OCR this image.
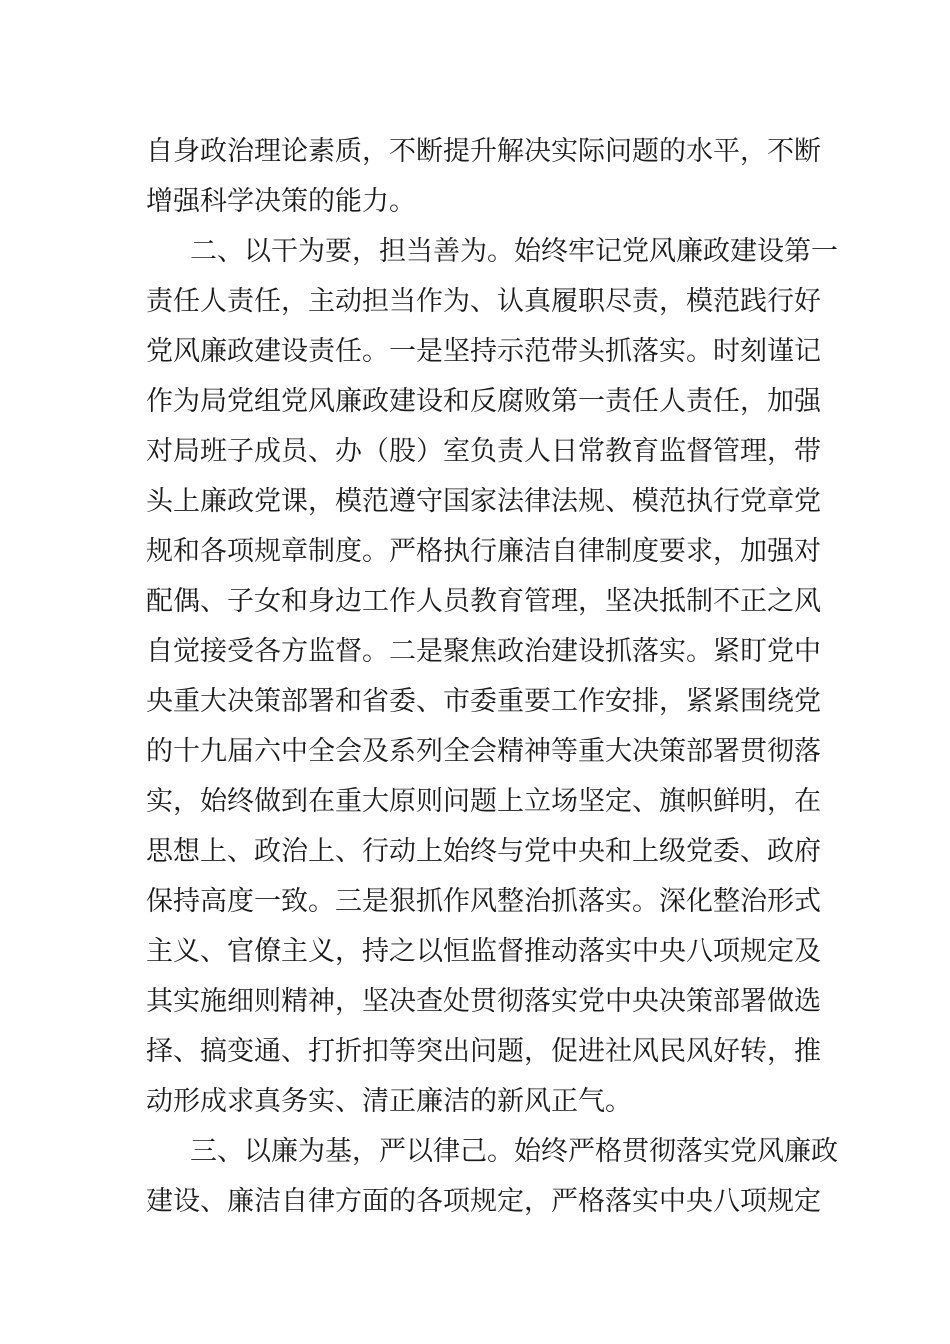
自身政治理论素质，不断提升解决实际问题的水平，不断
增强科学决策的能力。
二、以干为要，担当善为。始终牢记党风廉政建设第一
责任人责任，主动担当作为、认真履职尽责，模范践行好
党风廉政建设责任。一是坚持示范带头抓落实。时刻谨记
作为局党组党风廉政建设和反腐败第一责任人责任，加强
对局班子成员、办（股）室负责人日常教育监督管理，带
头上廉政党课，模范遵守国家法律法规、模范执行党章党
规和各项规章制度。严格执行廉洁自律制度要求，加强对
配偶、子女和身边工作人员教育管理，坚决抵制不正之风
自觉接受各方监督。二是聚焦政治建设抓落实。紧盯党中
央重大决策部署和省委、市委重要工作安排，紧紧围绕党
的十九届六中全会及系列全会精神等重大决策部署贯彻落
实，始终做到在重大原则问题上立场坚定、旗帜鲜明，在
思想上、政治上、行动上始终与党中央和上级党委、政府
保持高度一致。三是狠抓作风整治抓落实。深化整治形式
主义、官僚主义，持之以恒监督推动落实中央八项规定及
其实施细则精神，坚决查处贯彻落实党中央决策部署做选
择、搞变通、打折扣等突出问题，促进社风民风好转，推
动形成求真务实、清正廉洁的新风正气。
三、以廉为基，严以律己。始终严格贯彻落实党风廉政
建设、廉洁自律方面的各项规定，严格落实中央八项规定
